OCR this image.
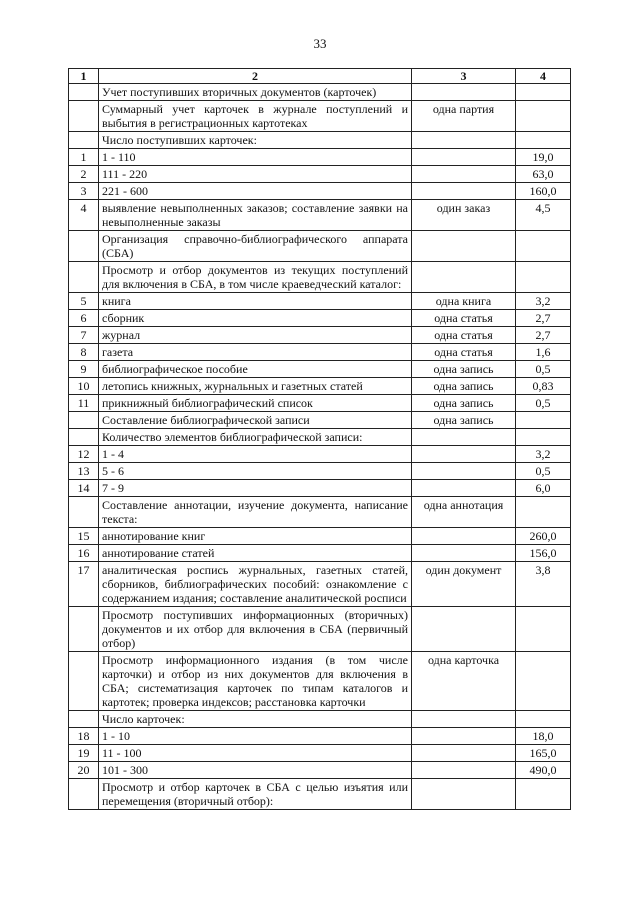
33
1	2	3	4
	Учет поступивших вторичных документов (карточек)		
	Суммарный учет карточек в журнале поступлений и выбытия в регистрационных картотеках	одна партия	
	Число поступивших карточек:		
1	1 - 110		19,0
2	111 - 220		63,0
3	221 - 600		160,0
4	выявление невыполненных заказов; составление заявки на невыполненные заказы	один заказ	4,5
	Организация справочно-библиографического аппарата (СБА)		
	Просмотр и отбор документов из текущих поступлений для включения в СБА, в том числе краеведческий каталог:		
5	книга	одна книга	3,2
6	сборник	одна статья	2,7
7	журнал	одна статья	2,7
8	газета	одна статья	1,6
9	библиографическое пособие	одна запись	0,5
10	летопись книжных, журнальных и газетных статей	одна запись	0,83
11	прикнижный библиографический список	одна запись	0,5
	Составление библиографической записи	одна запись	
	Количество элементов библиографической записи:		
12	1 - 4		3,2
13	5 - 6		0,5
14	7 - 9		6,0
	Составление аннотации, изучение документа, написание текста:	одна аннотация	
15	аннотирование книг		260,0
16	аннотирование статей		156,0
17	аналитическая роспись журнальных, газетных статей, сборников, библиографических пособий: ознакомление с содержанием издания; составление аналитической росписи	один документ	3,8
	Просмотр поступивших информационных (вторичных) документов и их отбор для включения в СБА (первичный отбор)		
	Просмотр информационного издания (в том числе карточки) и отбор из них документов для включения в СБА; систематизация карточек по типам каталогов и картотек; проверка индексов; расстановка карточки	одна карточка	
	Число карточек:		
18	1 - 10		18,0
19	11 - 100		165,0
20	101 - 300		490,0
	Просмотр и отбор карточек в СБА с целью изъятия или перемещения (вторичный отбор):		
